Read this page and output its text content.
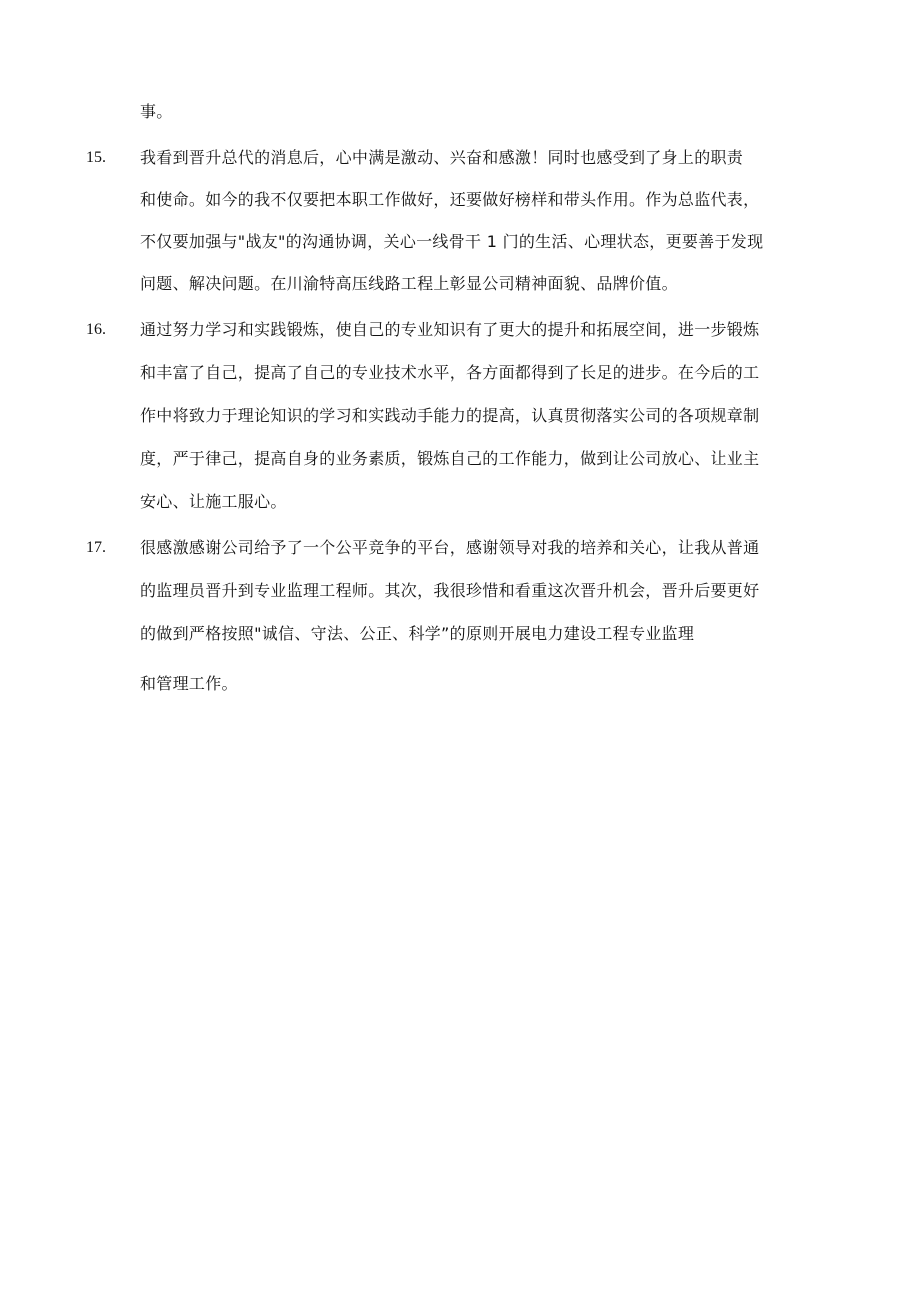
事。
15. 我看到晋升总代的消息后，心中满是激动、兴奋和感激！同时也感受到了身上的职责
和使命。如今的我不仅要把本职工作做好，还要做好榜样和带头作用。作为总监代表，
不仅要加强与"战友"的沟通协调，关心一线骨干 1 门的生活、心理状态，更要善于发现
问题、解决问题。在川渝特高压线路工程上彰显公司精神面貌、品牌价值。
16. 通过努力学习和实践锻炼，使自己的专业知识有了更大的提升和拓展空间，进一步锻炼
和丰富了自己，提高了自己的专业技术水平，各方面都得到了长足的进步。在今后的工
作中将致力于理论知识的学习和实践动手能力的提高，认真贯彻落实公司的各项规章制
度，严于律己，提高自身的业务素质，锻炼自己的工作能力，做到让公司放心、让业主
安心、让施工服心。
17. 很感激感谢公司给予了一个公平竞争的平台，感谢领导对我的培养和关心，让我从普通
的监理员晋升到专业监理工程师。其次，我很珍惜和看重这次晋升机会，晋升后要更好
的做到严格按照"诚信、守法、公正、科学”的原则开展电力建设工程专业监理
和管理工作。
